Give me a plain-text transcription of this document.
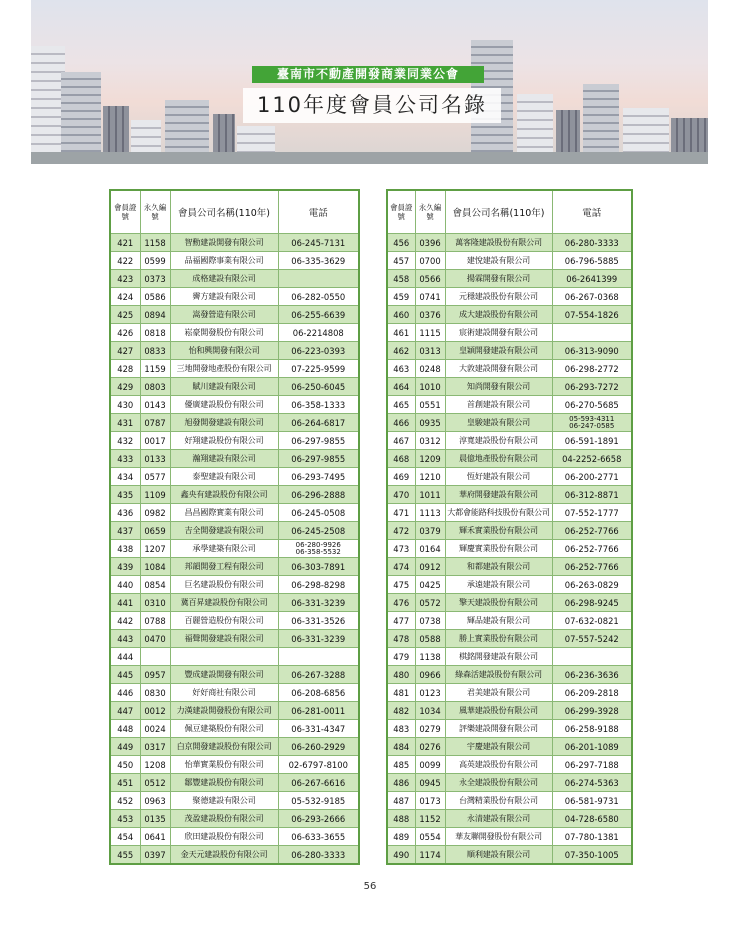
臺南市不動產開發商業同業公會
110年度會員公司名錄
會員證號	永久編號	會員公司名稱(110年)	電話
421	1158	智勳建設開發有限公司	06-245-7131
422	0599	品福國際事業有限公司	06-335-3629
423	0373	成格建設有限公司	
424	0586	霽方建設有限公司	06-282-0550
425	0894	嵩發營造有限公司	06-255-6639
426	0818	崧豪開發股份有限公司	06-2214808
427	0833	怡和興開發有限公司	06-223-0393
428	1159	三地開發地產股份有限公司	07-225-9599
429	0803	賦川建設有限公司	06-250-6045
430	0143	優廣建設股份有限公司	06-358-1333
431	0787	旭發開發建設有限公司	06-264-6817
432	0017	好翔建設股份有限公司	06-297-9855
433	0133	瀚翔建設有限公司	06-297-9855
434	0577	泰聖建設有限公司	06-293-7495
435	1109	鑫央有建設股份有限公司	06-296-2888
436	0982	昌昌國際實業有限公司	06-245-0508
437	0659	吉全開發建設有限公司	06-245-2508
438	1207	承學建築有限公司	06-280-9926
06-358-5532

439	1084	邦韻開發工程有限公司	06-303-7891
440	0854	巨名建設股份有限公司	06-298-8298
441	0310	冀百昇建設股份有限公司	06-331-3239
442	0788	百麗營造股份有限公司	06-331-3526
443	0470	福聲開發建設有限公司	06-331-3239
444			
445	0957	豐成建設開發有限公司	06-267-3288
446	0830	好好商社有限公司	06-208-6856
447	0012	力漢建設開發股份有限公司	06-281-0011
448	0024	佩豆建築股份有限公司	06-331-4347
449	0317	白京開發建設股份有限公司	06-260-2929
450	1208	怡華實業股份有限公司	02-6797-8100
451	0512	鄒豐建設股份有限公司	06-267-6616
452	0963	聚德建設有限公司	05-532-9185
453	0135	茂盈建設股份有限公司	06-293-2666
454	0641	欣田建設股份有限公司	06-633-3655
455	0397	金天元建設股份有限公司	06-280-3333
會員證號	永久編號	會員公司名稱(110年)	電話
456	0396	萬客隆建設股份有限公司	06-280-3333
457	0700	建悅建設有限公司	06-796-5885
458	0566	揚霖開發有限公司	06-2641399
459	0741	元穩建設股份有限公司	06-267-0368
460	0376	成大建設股份有限公司	07-554-1826
461	1115	宸術建設開發有限公司	
462	0313	皇穎開發建設有限公司	06-313-9090
463	0248	大敦建設開發有限公司	06-298-2772
464	1010	知尚開發有限公司	06-293-7272
465	0551	首創建設有限公司	06-270-5685
466	0935	皇駿建設有限公司	05-593-4311
06-247-0585

467	0312	淳寬建設股份有限公司	06-591-1891
468	1209	晨億地產股份有限公司	04-2252-6658
469	1210	恆好建設有限公司	06-200-2771
470	1011	華府開發建設有限公司	06-312-8871
471	1113	大都會能路科技股份有限公司	07-552-1777
472	0379	輝禾實業股份有限公司	06-252-7766
473	0164	輝慶實業股份有限公司	06-252-7766
474	0912	和都建設有限公司	06-252-7766
475	0425	承遠建設有限公司	06-263-0829
476	0572	擎天建設股份有限公司	06-298-9245
477	0738	輝品建設有限公司	07-632-0821
478	0588	勝上實業股份有限公司	07-557-5242
479	1138	棋銘開發建設有限公司	
480	0966	綠森活建設股份有限公司	06-236-3636
481	0123	君美建設有限公司	06-209-2818
482	1034	風華建設股份有限公司	06-299-3928
483	0279	評樂建設開發有限公司	06-258-9188
484	0276	宇慶建設有限公司	06-201-1089
485	0099	高英建設股份有限公司	06-297-7188
486	0945	永全建設股份有限公司	06-274-5363
487	0173	台灣精業股份有限公司	06-581-9731
488	1152	永清建設有限公司	04-728-6580
489	0554	華友聯開發股份有限公司	07-780-1381
490	1174	順利建設有限公司	07-350-1005
56
